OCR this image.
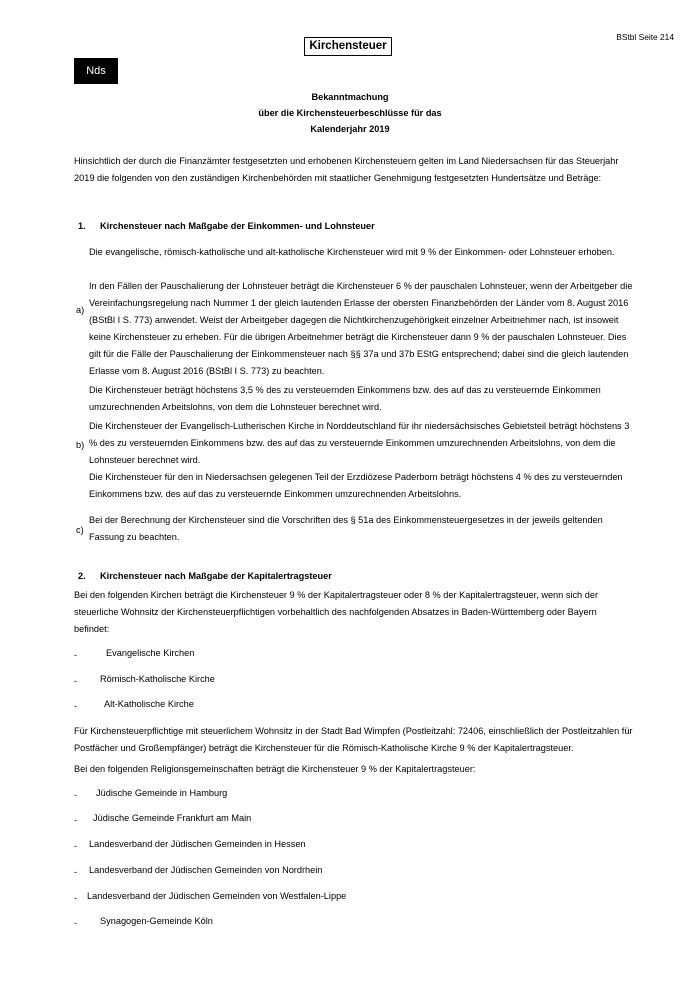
BStbl Seite 214
Kirchensteuer
Nds
Bekanntmachung
über die Kirchensteuerbeschlüsse für das
Kalenderjahr 2019
Hinsichtlich der durch die Finanzämter festgesetzten und erhobenen Kirchensteuern gelten im Land Niedersachsen für das Steuerjahr 2019 die folgenden von den zuständigen Kirchenbehörden mit staatlicher Genehmigung festgesetzten Hundertsätze und Beträge:
1. Kirchensteuer nach Maßgabe der Einkommen- und Lohnsteuer
a)
Die evangelische, römisch-katholische und alt-katholische Kirchensteuer wird mit 9 % der Einkommen- oder Lohnsteuer erhoben.
In den Fällen der Pauschalierung der Lohnsteuer beträgt die Kirchensteuer 6 % der pauschalen Lohnsteuer, wenn der Arbeitgeber die Vereinfachungsregelung nach Nummer 1 der gleich lautenden Erlasse der obersten Finanzbehörden der Länder vom 8. August 2016 (BStBl I S. 773) anwendet. Weist der Arbeitgeber dagegen die Nichtkirchenzugehörigkeit einzelner Arbeitnehmer nach, ist insoweit keine Kirchensteuer zu erheben. Für die übrigen Arbeitnehmer beträgt die Kirchensteuer dann 9 % der pauschalen Lohnsteuer. Dies gilt für die Fälle der Pauschalierung der Einkommensteuer nach §§ 37a und 37b EStG entsprechend; dabei sind die gleich lautenden Erlasse vom 8. August 2016 (BStBl I S. 773) zu beachten.
b)
Die Kirchensteuer beträgt höchstens 3,5 % des zu versteuernden Einkommens bzw. des auf das zu versteuernde Einkommen umzurechnenden Arbeitslohns, von dem die Lohnsteuer berechnet wird.
Die Kirchensteuer der Evangelisch-Lutherischen Kirche in Norddeutschland für ihr niedersächsisches Gebietsteil beträgt höchstens 3 % des zu versteuernden Einkommens bzw. des auf das zu versteuernde Einkommen umzurechnenden Arbeitslohns, von dem die Lohnsteuer berechnet wird.
Die Kirchensteuer für den in Niedersachsen gelegenen Teil der Erzdiözese Paderborn beträgt höchstens 4 % des zu versteuernden Einkommens bzw. des auf das zu versteuernde Einkommen umzurechnenden Arbeitslohns.
c)
Bei der Berechnung der Kirchensteuer sind die Vorschriften des § 51a des Einkommensteuergesetzes in der jeweils geltenden Fassung zu beachten.
2. Kirchensteuer nach Maßgabe der Kapitalertragsteuer
Bei den folgenden Kirchen beträgt die Kirchensteuer 9 % der Kapitalertragsteuer oder 8 % der Kapitalertragsteuer, wenn sich der steuerliche Wohnsitz der Kirchensteuerpflichtigen vorbehaltlich des nachfolgenden Absatzes in Baden-Württemberg oder Bayern befindet:
-	Evangelische Kirchen
-	Römisch-Katholische Kirche
-	Alt-Katholische Kirche
Für Kirchensteuerpflichtige mit steuerlichem Wohnsitz in der Stadt Bad Wimpfen (Postleitzahl: 72406, einschließlich der Postleitzahlen für Postfächer und Großempfänger) beträgt die Kirchensteuer für die Römisch-Katholische Kirche 9 % der Kapitalertragsteuer.
Bei den folgenden Religionsgemeinschaften beträgt die Kirchensteuer 9 % der Kapitalertragsteuer:
- Jüdische Gemeinde in Hamburg
- Jüdische Gemeinde Frankfurt am Main
- Landesverband der Jüdischen Gemeinden in Hessen
- Landesverband der Jüdischen Gemeinden von Nordrhein
- Landesverband der Jüdischen Gemeinden von Westfalen-Lippe
-	Synagogen-Gemeinde Köln
